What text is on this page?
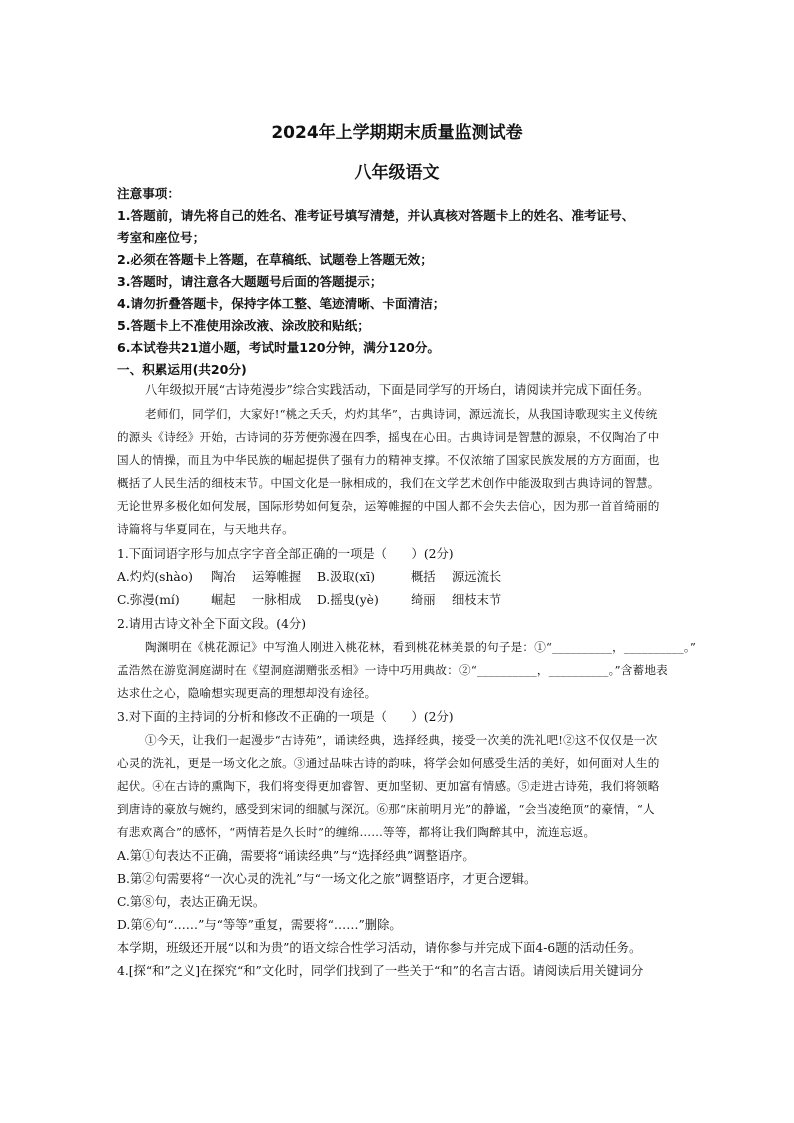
2024年上学期期末质量监测试卷
八年级语文
注意事项：
1.答题前，请先将自己的姓名、准考证号填写清楚，并认真核对答题卡上的姓名、准考证号、
考室和座位号；
2.必须在答题卡上答题，在草稿纸、试题卷上答题无效；
3.答题时，请注意各大题题号后面的答题提示；
4.请勿折叠答题卡，保持字体工整、笔迹清晰、卡面清洁；
5.答题卡上不准使用涂改液、涂改胶和贴纸；
6.本试卷共21道小题，考试时量120分钟，满分120分。
一、积累运用(共20分)
八年级拟开展“古诗苑漫步”综合实践活动，下面是同学写的开场白，请阅读并完成下面任务。
老师们，同学们，大家好!“桃之夭夭，灼灼其华”，古典诗词，源远流长，从我国诗歌现实主义传统
的源头《诗经》开始，古诗词的芬芳便弥漫在四季，摇曳在心田。古典诗词是智慧的源泉，不仅陶冶了中
国人的情操，而且为中华民族的崛起提供了强有力的精神支撑。不仅浓缩了国家民族发展的方方面面，也
概括了人民生活的细枝末节。中国文化是一脉相成的，我们在文学艺术创作中能汲取到古典诗词的智慧。
无论世界多极化如何发展，国际形势如何复杂，运筹帷握的中国人都不会失去信心，因为那一首首绮丽的
诗篇将与华夏同在，与天地共存。
1.下面词语字形与加点字字音全部正确的一项是（　　）(2分)
A.灼灼(shào) 陶冶 运筹帷握 B.汲取(xī)	概括 源远流长
C.弥漫(mí)	崛起 一脉相成 D.摇曳(yè)	绮丽 细枝末节
2.请用古诗文补全下面文段。(4分)
陶渊明在《桃花源记》中写渔人刚进入桃花林，看到桃花林美景的句子是：①“__________，__________。”
孟浩然在游览洞庭湖时在《望洞庭湖赠张丞相》一诗中巧用典故：②“__________，__________。”含蓄地表
达求仕之心，隐喻想实现更高的理想却没有途径。
3.对下面的主持词的分析和修改不正确的一项是（　　）(2分)
①今天，让我们一起漫步“古诗苑”，诵读经典，选择经典，接受一次美的洗礼吧!②这不仅仅是一次
心灵的洗礼，更是一场文化之旅。③通过品味古诗的韵味，将学会如何感受生活的美好，如何面对人生的
起伏。④在古诗的熏陶下，我们将变得更加睿智、更加坚韧、更加富有情感。⑤走进古诗苑，我们将领略
到唐诗的豪放与婉约，感受到宋词的细腻与深沉。⑥那“床前明月光”的静谧，“会当凌绝顶”的豪情，“人
有悲欢离合”的感怀，“两情若是久长时”的缠绵……等等，都将让我们陶醉其中，流连忘返。
A.第①句表达不正确，需要将“诵读经典”与“选择经典”调整语序。
B.第②句需要将“一次心灵的洗礼”与“一场文化之旅”调整语序，才更合逻辑。
C.第⑧句，表达正确无误。
D.第⑥句“……”与“等等”重复，需要将“……”删除。
本学期，班级还开展“以和为贵”的语文综合性学习活动，请你参与并完成下面4-6题的活动任务。
4.[探“和”之义]在探究“和”文化时，同学们找到了一些关于“和”的名言古语。请阅读后用关键词分
